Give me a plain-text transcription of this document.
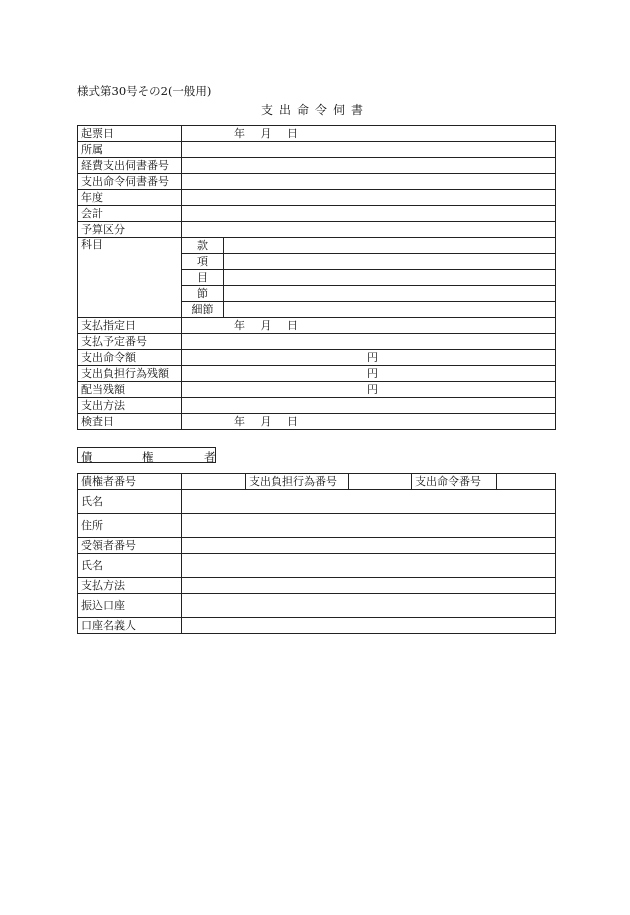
様式第30号その2(一般用)
支出命令伺書
起票日	年 月 日	
所属		
経費支出伺書番号		
支出命令伺書番号		
年度		
会計		
予算区分		
科目	款	
	項	
	目	
	節	
	細節	
支払指定日	年 月 日	
支払予定番号		
支出命令額	円	
支出負担行為残額	円	
配当残額	円	
支出方法		
検査日	年 月 日	
債	権	者
債権者番号		支出負担行為番号		支出命令番号	
氏名					
住所					
受領者番号					
氏名					
支払方法					
振込口座					
口座名義人					
